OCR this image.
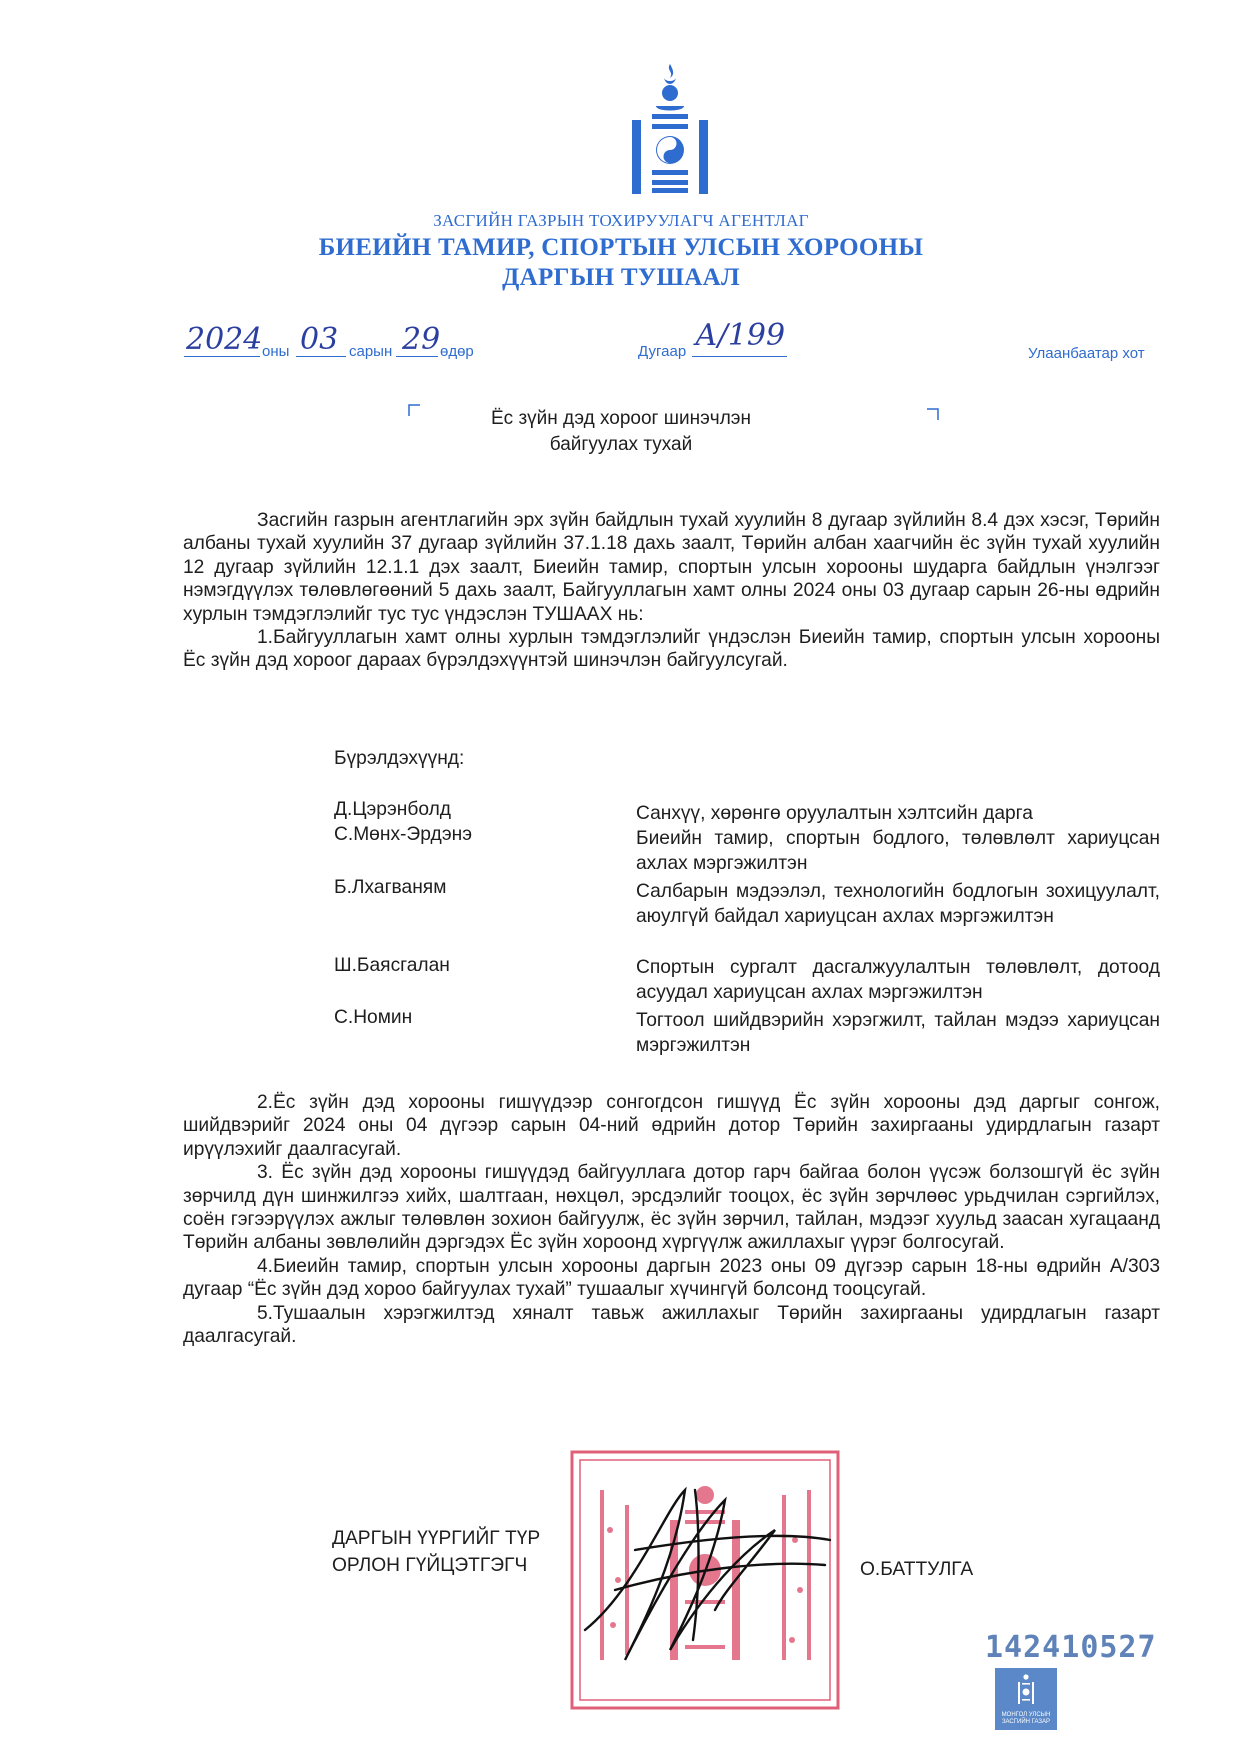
ЗАСГИЙН ГАЗРЫН ТОХИРУУЛАГЧ АГЕНТЛАГ
БИЕИЙН ТАМИР, СПОРТЫН УЛСЫН ХОРООНЫ
ДАРГЫН ТУШААЛ
2024 оны 03 сарын 29 өдөр	Дугаар А/199
Улаанбаатар хот
Ёс зүйн дэд хороог шинэчлэн
байгуулах тухай

Засгийн газрын агентлагийн эрх зүйн байдлын тухай хуулийн 8 дугаар зүйлийн 8.4 дэх хэсэг, Төрийн албаны тухай хуулийн 37 дугаар зүйлийн 37.1.18 дахь заалт, Төрийн албан хаагчийн ёс зүйн тухай хуулийн 12 дугаар зүйлийн 12.1.1 дэх заалт, Биеийн тамир, спортын улсын хорооны шударга байдлын үнэлгээг нэмэгдүүлэх төлөвлөгөөний 5 дахь заалт, Байгууллагын хамт олны 2024 оны 03 дугаар сарын 26-ны өдрийн хурлын тэмдэглэлийг тус тус үндэслэн ТУШААХ нь:

1.Байгууллагын хамт олны хурлын тэмдэглэлийг үндэслэн Биеийн тамир, спортын улсын хорооны Ёс зүйн дэд хороог дараах бүрэлдэхүүнтэй шинэчлэн байгуулсугай.

Бүрэлдэхүүнд:
Д.Цэрэнболд	Санхүү, хөрөнгө оруулалтын хэлтсийн дарга
С.Мөнх-Эрдэнэ	Биеийн тамир, спортын бодлого, төлөвлөлт хариуцсан ахлах мэргэжилтэн
Б.Лхагваням	Салбарын мэдээлэл, технологийн бодлогын зохицуулалт, аюулгүй байдал хариуцсан ахлах мэргэжилтэн
Ш.Баясгалан	Спортын сургалт дасгалжуулалтын төлөвлөлт, дотоод асуудал хариуцсан ахлах мэргэжилтэн
С.Номин	Тогтоол шийдвэрийн хэрэгжилт, тайлан мэдээ хариуцсан мэргэжилтэн

2.Ёс зүйн дэд хорооны гишүүдээр сонгогдсон гишүүд Ёс зүйн хорооны дэд даргыг сонгож, шийдвэрийг 2024 оны 04 дүгээр сарын 04-ний өдрийн дотор Төрийн захиргааны удирдлагын газарт ирүүлэхийг даалгасугай.

3. Ёс зүйн дэд хорооны гишүүдэд байгууллага дотор гарч байгаа болон үүсэж болзошгүй ёс зүйн зөрчилд дүн шинжилгээ хийх, шалтгаан, нөхцөл, эрсдэлийг тооцох, ёс зүйн зөрчлөөс урьдчилан сэргийлэх, соён гэгээрүүлэх ажлыг төлөвлөн зохион байгуулж, ёс зүйн зөрчил, тайлан, мэдээг хуульд заасан хугацаанд Төрийн албаны зөвлөлийн дэргэдэх Ёс зүйн хороонд хүргүүлж ажиллахыг үүрэг болгосугай.

4.Биеийн тамир, спортын улсын хорооны даргын 2023 оны 09 дүгээр сарын 18-ны өдрийн А/303 дугаар “Ёс зүйн дэд хороо байгуулах тухай” тушаалыг хүчингүй болсонд тооцсугай.

5.Тушаалын хэрэгжилтэд хяналт тавьж ажиллахыг Төрийн захиргааны удирдлагын газарт даалгасугай.

ДАРГЫН ҮҮРГИЙГ ТҮР
ОРЛОН ГҮЙЦЭТГЭГЧ	О.БАТТУЛГА
142410527
МОНГОЛ УЛСЫН
ЗАСГИЙН ГАЗАР
